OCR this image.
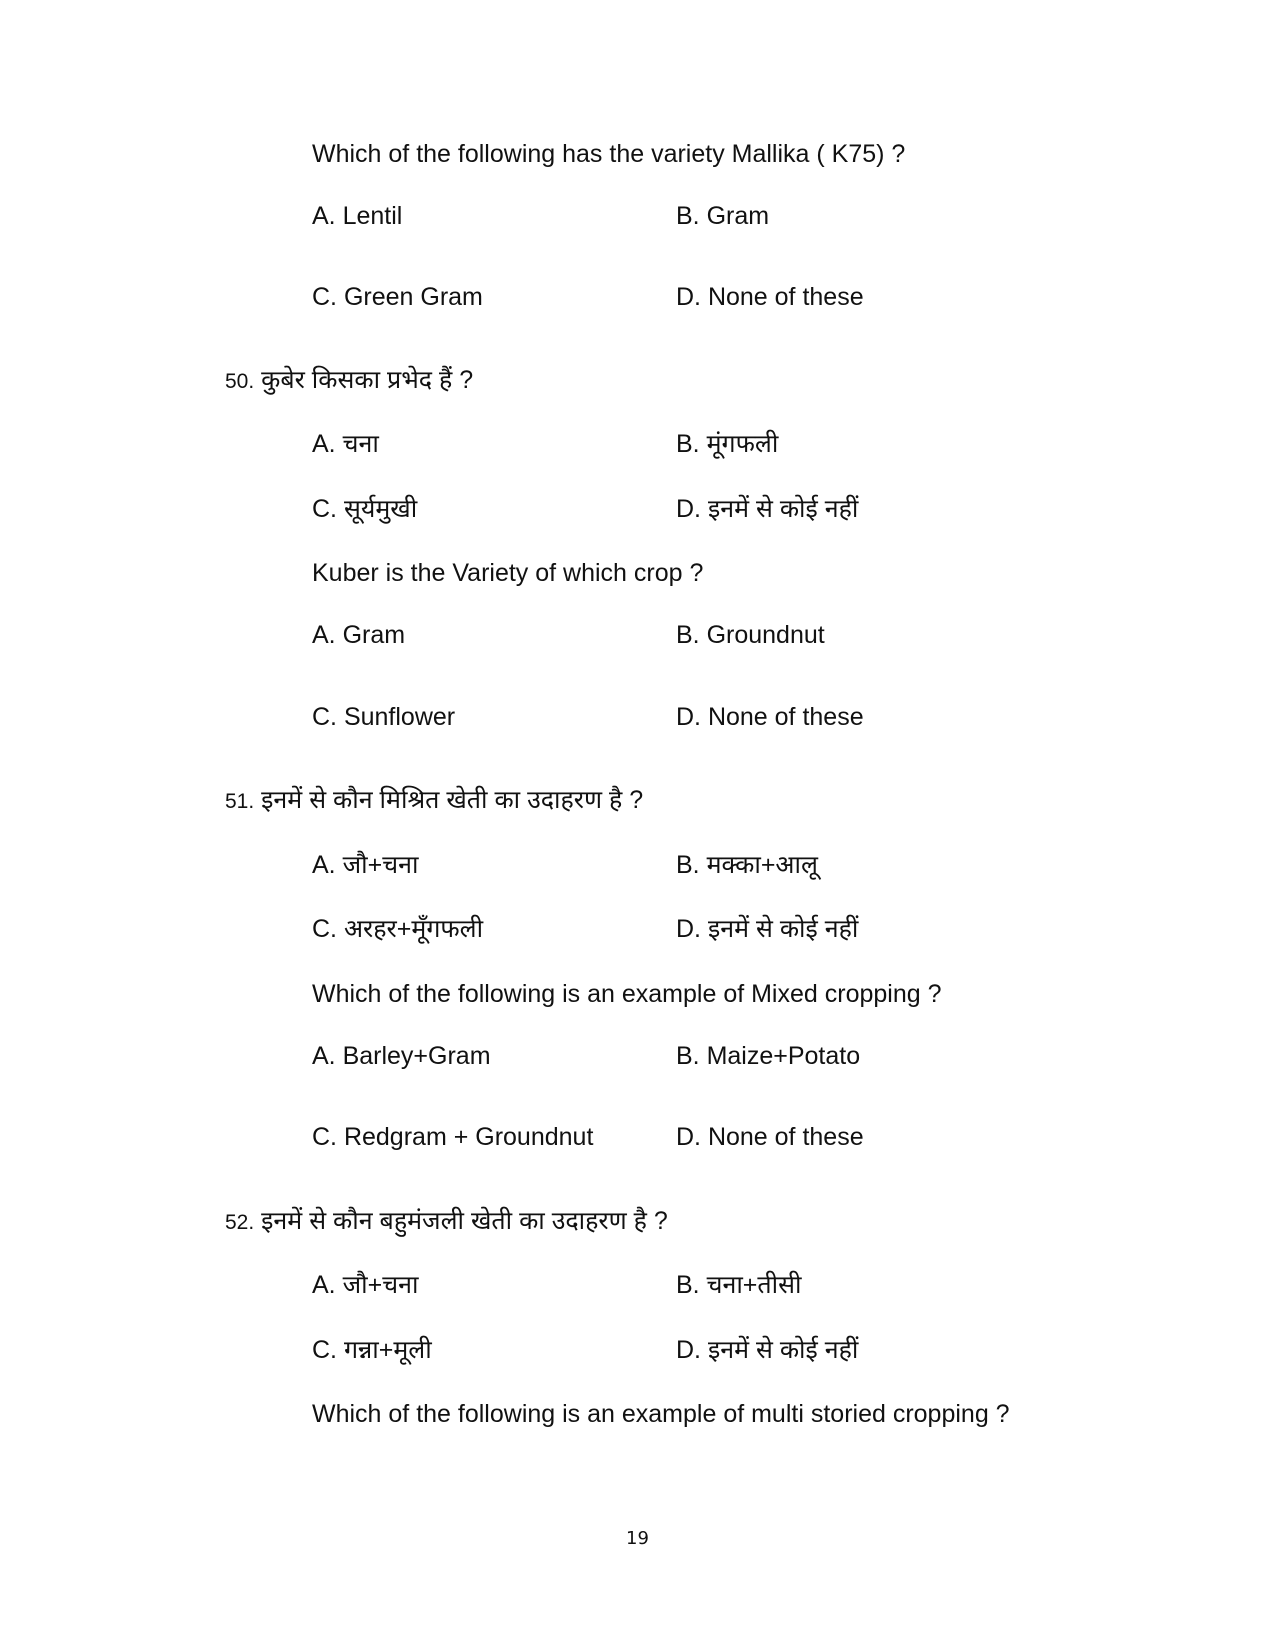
Which of the following has the variety Mallika ( K75) ?
A. Lentil	B. Gram
C. Green Gram	D. None of these
50. कुबेर किसका प्रभेद हैं ?
A. चना	B. मूंगफली
C. सूर्यमुखी	D. इनमें से कोई नहीं
Kuber is the Variety of which crop ?
A. Gram	B. Groundnut
C. Sunflower	D. None of these
51. इनमें से कौन मिश्रित खेती का उदाहरण है ?
A. जौ+चना	B. मक्का+आलू
C. अरहर+मूँगफली	D. इनमें से कोई नहीं
Which of the following is an example of Mixed cropping ?
A. Barley+Gram	B. Maize+Potato
C. Redgram + Groundnut	D. None of these
52. इनमें से कौन बहुमंजली खेती का उदाहरण है ?
A. जौ+चना	B. चना+तीसी
C. गन्ना+मूली	D. इनमें से कोई नहीं
Which of the following is an example of multi storied cropping ?
19
